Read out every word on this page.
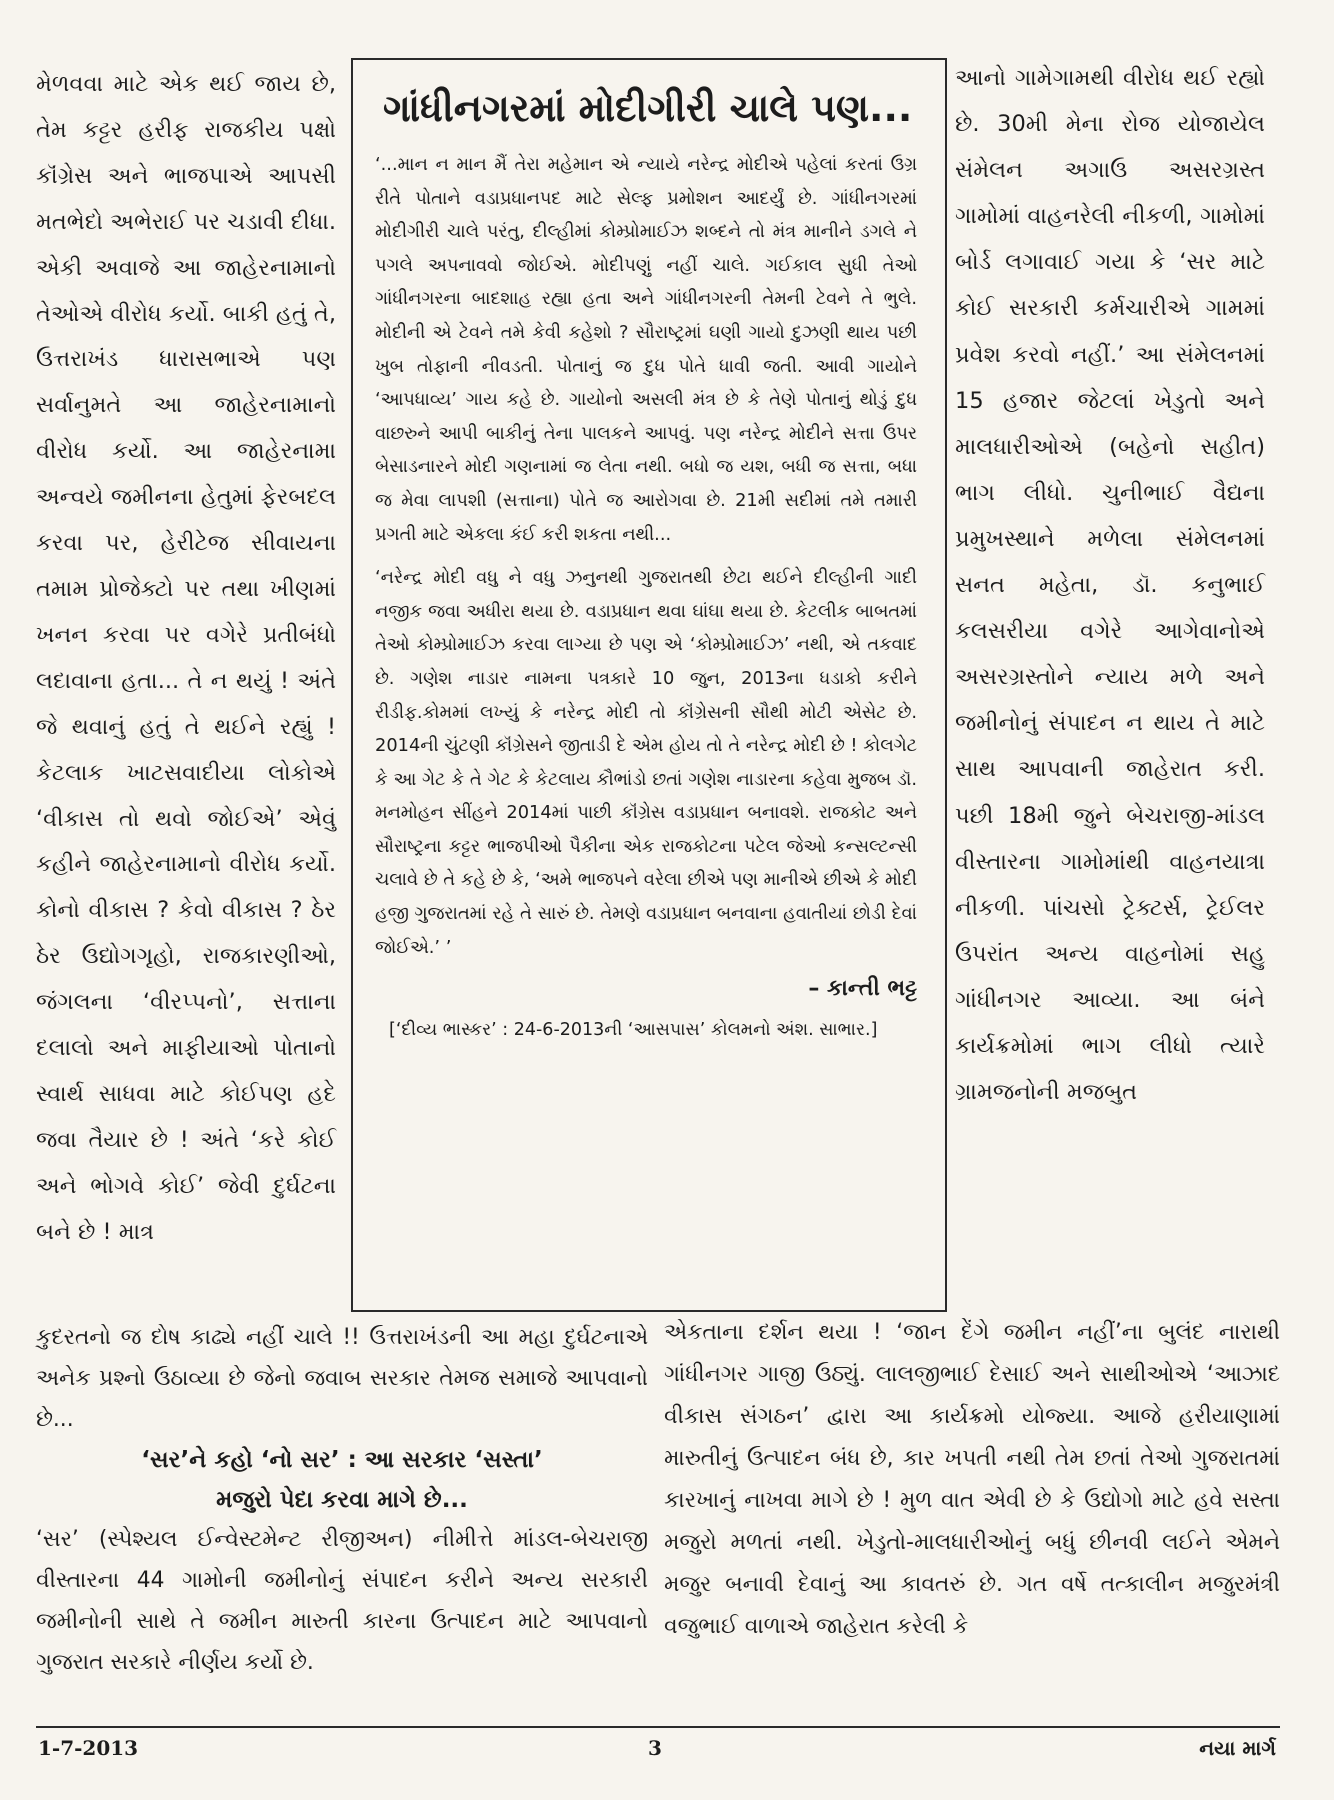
મેળવવા માટે એક થઈ જાય છે, તેમ કટ્ટર હરીફ રાજકીય પક્ષો કૉંગ્રેસ અને ભાજપાએ આપસી મતભેદો અભેરાઈ પર ચડાવી દીધા. એકી અવાજે આ જાહેરનામાનો તેઓએ વીરોધ કર્યો. બાકી હતું તે, ઉત્તરાખંડ ધારાસભાએ પણ સર્વાનુમતે આ જાહેરનામાનો વીરોધ કર્યો. આ જાહેરનામા અન્વયે જમીનના હેતુમાં ફેરબદલ કરવા પર, હેરીટેજ સીવાયના તમામ પ્રોજેક્ટો પર તથા ખીણમાં ખનન કરવા પર વગેરે પ્રતીબંધો લદાવાના હતા... તે ન થયું ! અંતે જે થવાનું હતું તે થઈને રહ્યું ! કેટલાક ખાટસવાદીયા લોકોએ ‘વીકાસ તો થવો જોઈએ’ એવું કહીને જાહેરનામાનો વીરોધ કર્યો. કોનો વીકાસ ? કેવો વીકાસ ? ઠેર ઠેર ઉદ્યોગગૃહો, રાજકારણીઓ, જંગલના ‘વીરપ્પનો’, સત્તાના દલાલો અને માફીયાઓ પોતાનો સ્વાર્થ સાધવા માટે કોઈપણ હદે જવા તૈયાર છે ! અંતે ‘કરે કોઈ અને ભોગવે કોઈ’ જેવી દુર્ઘટના બને છે ! માત્ર

ગાંધીનગરમાં મોદીગીરી ચાલે પણ...

‘...માન ન માન મૈં તેરા મહેમાન એ ન્યાયે નરેન્દ્ર મોદીએ પહેલાં કરતાં ઉગ્ર રીતે પોતાને વડાપ્રધાનપદ માટે સેલ્ફ પ્રમોશન આદર્યું છે. ગાંધીનગરમાં મોદીગીરી ચાલે પરંતુ, દીલ્હીમાં કોમ્પ્રોમાઈઝ શબ્દને તો મંત્ર માનીને ડગલે ને પગલે અપનાવવો જોઈએ. મોદીપણું નહીં ચાલે. ગઈકાલ સુધી તેઓ ગાંધીનગરના બાદશાહ રહ્યા હતા અને ગાંધીનગરની તેમની ટેવને તે ભુલે. મોદીની એ ટેવને તમે કેવી કહેશો ? સૌરાષ્ટ્રમાં ઘણી ગાયો દુઝણી થાય પછી ખુબ તોફાની નીવડતી. પોતાનું જ દુધ પોતે ધાવી જતી. આવી ગાયોને ‘આપધાવ્ય’ ગાય કહે છે. ગાયોનો અસલી મંત્ર છે કે તેણે પોતાનું થોડું દુધ વાછરુને આપી બાકીનું તેના પાલકને આપવું. પણ નરેન્દ્ર મોદીને સત્તા ઉપર બેસાડનારને મોદી ગણનામાં જ લેતા નથી. બધો જ યશ, બધી જ સત્તા, બધા જ મેવા લાપશી (સત્તાના) પોતે જ આરોગવા છે. 21મી સદીમાં તમે તમારી પ્રગતી માટે એકલા કંઈ કરી શકતા નથી...

‘નરેન્દ્ર મોદી વધુ ને વધુ ઝનુનથી ગુજરાતથી છેટા થઈને દીલ્હીની ગાદી નજીક જવા અધીરા થયા છે. વડાપ્રધાન થવા ઘાંઘા થયા છે. કેટલીક બાબતમાં તેઓ કોમ્પ્રોમાઈઝ કરવા લાગ્યા છે પણ એ ‘કોમ્પ્રોમાઈઝ’ નથી, એ તકવાદ છે. ગણેશ નાડાર નામના પત્રકારે 10 જુન, 2013ના ધડાકો કરીને રીડીફ.કોમમાં લખ્યું કે નરેન્દ્ર મોદી તો કૉંગ્રેસની સૌથી મોટી એસેટ છે. 2014ની ચુંટણી કૉંગ્રેસને જીતાડી દે એમ હોય તો તે નરેન્દ્ર મોદી છે ! કોલગેટ કે આ ગેટ કે તે ગેટ કે કેટલાય કૌભાંડો છતાં ગણેશ નાડારના કહેવા મુજબ ડૉ. મનમોહન સીંહને 2014માં પાછી કૉંગ્રેસ વડાપ્રધાન બનાવશે. રાજકોટ અને સૌરાષ્ટ્રના કટ્ટર ભાજપીઓ પૈકીના એક રાજકોટના પટેલ જેઓ કન્સલ્ટન્સી ચલાવે છે તે કહે છે કે, ‘અમે ભાજપને વરેલા છીએ પણ માનીએ છીએ કે મોદી હજી ગુજરાતમાં રહે તે સારું છે. તેમણે વડાપ્રધાન બનવાના હવાતીયાં છોડી દેવાં જોઈએ.’ ’

– કાન્તી ભટ્ટ
[‘દીવ્ય ભાસ્કર’ : 24-6-2013ની ‘આસપાસ’ કોલમનો અંશ. સાભાર.]

આનો ગામેગામથી વીરોધ થઈ રહ્યો છે. 30મી મેના રોજ યોજાયેલ સંમેલન અગાઉ અસરગ્રસ્ત ગામોમાં વાહનરેલી નીકળી, ગામોમાં બોર્ડ લગાવાઈ ગયા કે ‘સર માટે કોઈ સરકારી કર્મચારીએ ગામમાં પ્રવેશ કરવો નહીં.’ આ સંમેલનમાં 15 હજાર જેટલાં ખેડુતો અને માલધારીઓએ (બહેનો સહીત) ભાગ લીધો. ચુનીભાઈ વૈદ્યના પ્રમુખસ્થાને મળેલા સંમેલનમાં સનત મહેતા, ડૉ. કનુભાઈ કલસરીયા વગેરે આગેવાનોએ અસરગ્રસ્તોને ન્યાય મળે અને જમીનોનું સંપાદન ન થાય તે માટે સાથ આપવાની જાહેરાત કરી. પછી 18મી જુને બેચરાજી-માંડલ વીસ્તારના ગામોમાંથી વાહનયાત્રા નીકળી. પાંચસો ટ્રેક્ટર્સ, ટ્રેઈલર ઉપરાંત અન્ય વાહનોમાં સહુ ગાંધીનગર આવ્યા. આ બંને કાર્યક્રમોમાં ભાગ લીધો ત્યારે ગ્રામજનોની મજબુત

કુદરતનો જ દોષ કાઢ્યે નહીં ચાલે !! ઉત્તરાખંડની આ મહા દુર્ઘટનાએ અનેક પ્રશ્નો ઉઠાવ્યા છે જેનો જવાબ સરકાર તેમજ સમાજે આપવાનો છે...

‘સર’ને કહો ‘નો સર’ : આ સરકાર ‘સસ્તા’
મજુરો પેદા કરવા માગે છે...

‘સર’ (સ્પેશ્યલ ઈન્વેસ્ટમેન્ટ રીજીઅન) નીમીત્તે માંડલ-બેચરાજી વીસ્તારના 44 ગામોની જમીનોનું સંપાદન કરીને અન્ય સરકારી જમીનોની સાથે તે જમીન મારુતી કારના ઉત્પાદન માટે આપવાનો ગુજરાત સરકારે નીર્ણય કર્યો છે.

એકતાના દર્શન થયા ! ‘જાન દેંગે જમીન નહીં’ના બુલંદ નારાથી ગાંધીનગર ગાજી ઉઠ્યું. લાલજીભાઈ દેસાઈ અને સાથીઓએ ‘આઝાદ વીકાસ સંગઠન’ દ્વારા આ કાર્યક્રમો યોજ્યા. આજે હરીયાણામાં મારુતીનું ઉત્પાદન બંધ છે, કાર ખપતી નથી તેમ છતાં તેઓ ગુજરાતમાં કારખાનું નાખવા માગે છે ! મુળ વાત એવી છે કે ઉદ્યોગો માટે હવે સસ્તા મજુરો મળતાં નથી. ખેડુતો-માલધારીઓનું બધું છીનવી લઈને એમને મજુર બનાવી દેવાનું આ કાવતરું છે. ગત વર્ષે તત્કાલીન મજુરમંત્રી વજુભાઈ વાળાએ જાહેરાત કરેલી કે

1-7-2013	3	નયા માર્ગ
